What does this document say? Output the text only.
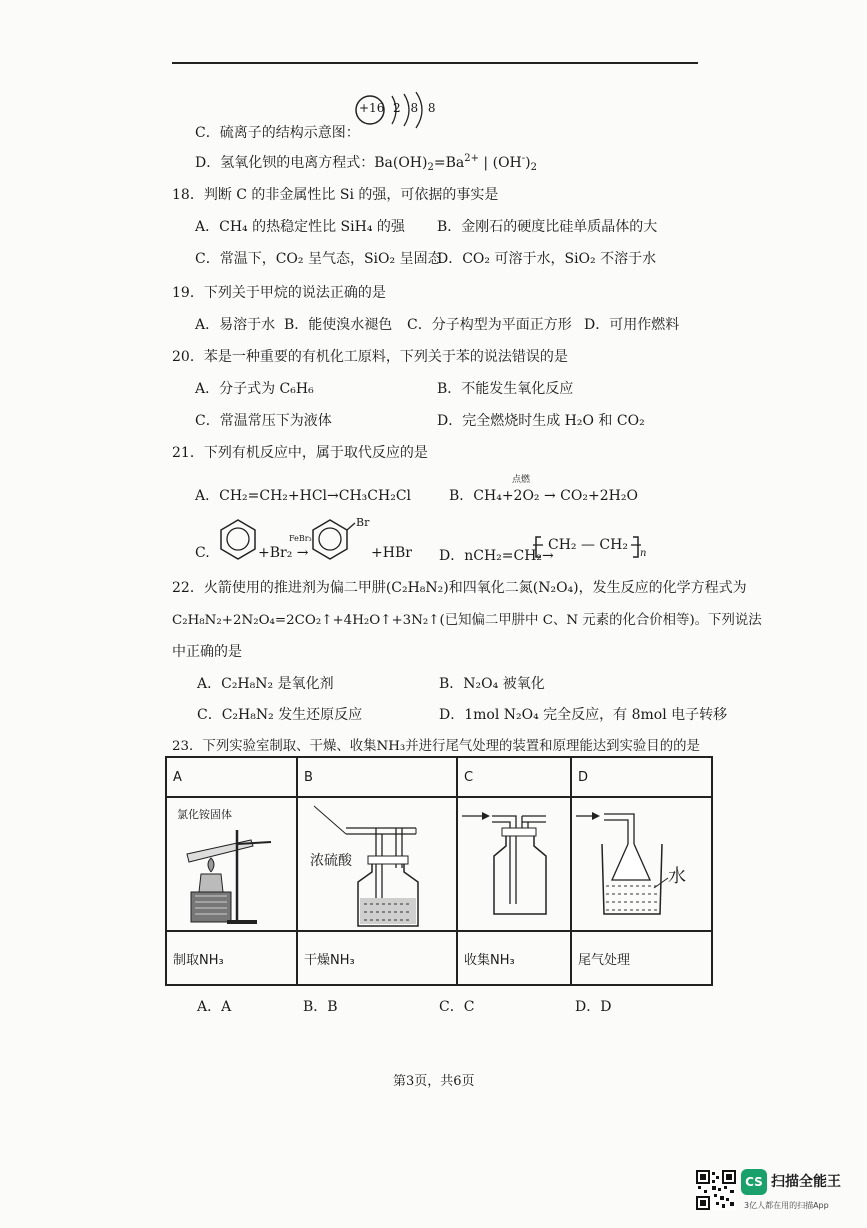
+16 2 8 8
C．硫离子的结构示意图：
D．氢氧化钡的电离方程式：$Ba(OH)_2=Ba^{2+}$ | $(OH^-)_2$
18．判断 C 的非金属性比 Si 的强，可依据的事实是
A．CH₄ 的热稳定性比 SiH₄ 的强 B．金刚石的硬度比硅单质晶体的大
C．常温下，CO₂ 呈气态，SiO₂ 呈固态
D．CO₂ 可溶于水，SiO₂ 不溶于水
19．下列关于甲烷的说法正确的是
A．易溶于水 B．能使溴水褪色 C．分子构型为平面正方形 D．可用作燃料
20．苯是一种重要的有机化工原料，下列关于苯的说法错误的是
A．分子式为 C₆H₆	B．不能发生氧化反应
C．常温常压下为液体	D．完全燃烧时生成 H₂O 和 CO₂
21．下列有机反应中，属于取代反应的是
A．CH₂=CH₂+HCl→CH₃CH₂Cl
点燃
B．CH₄+2O₂ → CO₂+2H₂O
C.	+Br₂ →
FeBr₃
Br
+HBr D．nCH₂=CH₂→
CH₂ — CH₂
n
22．火箭使用的推进剂为偏二甲肼(C₂H₈N₂)和四氧化二氮(N₂O₄)，发生反应的化学方程式为
C₂H₈N₂+2N₂O₄=2CO₂↑+4H₂O↑+3N₂↑(已知偏二甲肼中 C、N 元素的化合价相等)。下列说法
中正确的是
A．C₂H₈N₂ 是氧化剂	B．N₂O₄ 被氧化
C．C₂H₈N₂ 发生还原反应	D．1mol N₂O₄ 完全反应，有 8mol 电子转移
23．下列实验室制取、干燥、收集NH₃并进行尾气处理的装置和原理能达到实验目的的是
A	B	C	D

氯化铵固体	浓硫酸		水

制取NH₃	干燥NH₃	收集NH₃	尾气处理
A．A	B．B	C．C	D．D
第3页，共6页
CS 扫描全能王
3亿人都在用的扫描App
